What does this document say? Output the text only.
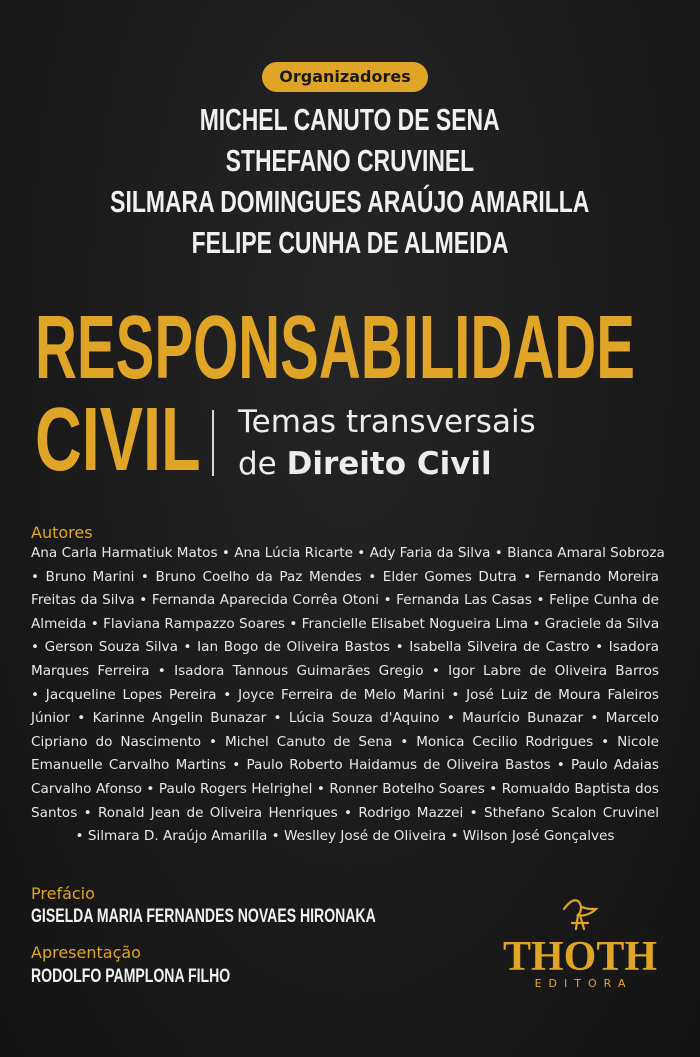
Organizadores
MICHEL CANUTO DE SENA
STHEFANO CRUVINEL
SILMARA DOMINGUES ARAÚJO AMARILLA
FELIPE CUNHA DE ALMEIDA
RESPONSABILIDADE
CIVIL Temas transversais
de Direito Civil
Autores
Ana Carla Harmatiuk Matos • Ana Lúcia Ricarte • Ady Faria da Silva • Bianca Amaral Sobroza
• Bruno Marini • Bruno Coelho da Paz Mendes • Elder Gomes Dutra • Fernando Moreira
Freitas da Silva • Fernanda Aparecida Corrêa Otoni • Fernanda Las Casas • Felipe Cunha de
Almeida • Flaviana Rampazzo Soares • Francielle Elisabet Nogueira Lima • Graciele da Silva
• Gerson Souza Silva • Ian Bogo de Oliveira Bastos • Isabella Silveira de Castro • Isadora
Marques Ferreira • Isadora Tannous Guimarães Gregio • Igor Labre de Oliveira Barros
• Jacqueline Lopes Pereira • Joyce Ferreira de Melo Marini • José Luiz de Moura Faleiros
Júnior • Karinne Angelin Bunazar • Lúcia Souza d'Aquino • Maurício Bunazar • Marcelo
Cipriano do Nascimento • Michel Canuto de Sena • Monica Cecilio Rodrigues • Nicole
Emanuelle Carvalho Martins • Paulo Roberto Haidamus de Oliveira Bastos • Paulo Adaias
Carvalho Afonso • Paulo Rogers Helrighel • Ronner Botelho Soares • Romualdo Baptista dos
Santos • Ronald Jean de Oliveira Henriques • Rodrigo Mazzei • Sthefano Scalon Cruvinel
• Silmara D. Araújo Amarilla • Weslley José de Oliveira • Wilson José Gonçalves
Prefácio
GISELDA MARIA FERNANDES NOVAES HIRONAKA
Apresentação
RODOLFO PAMPLONA FILHO	THOTH
EDITORA
